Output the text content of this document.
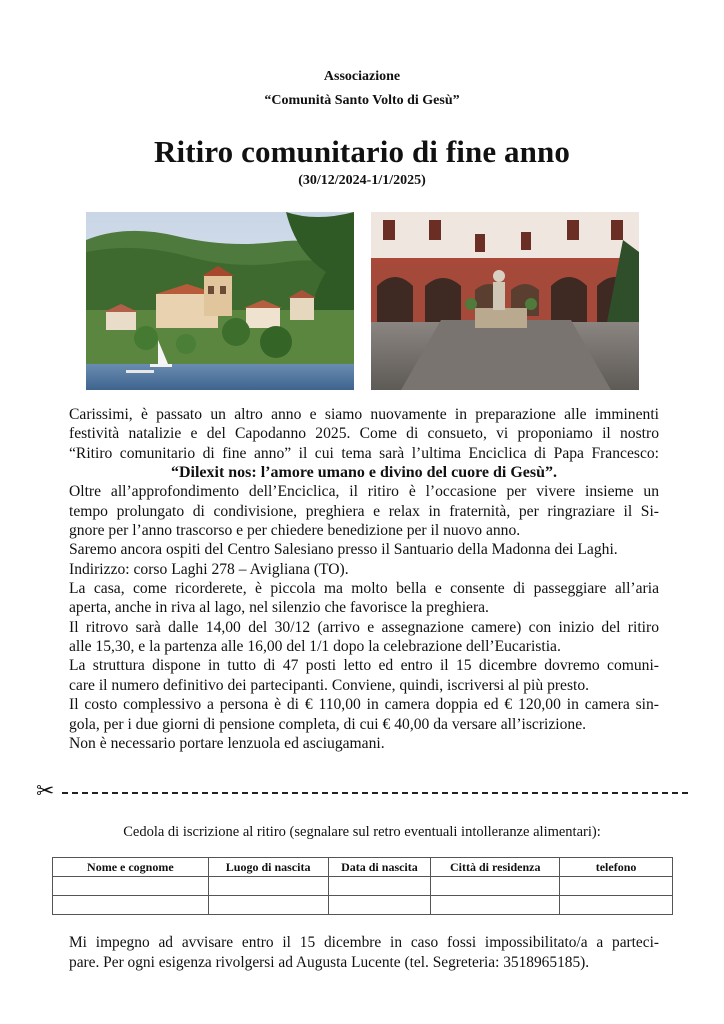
Associazione
“Comunità Santo Volto di Gesù”
Ritiro comunitario di fine anno
(30/12/2024-1/1/2025)

Carissimi, è passato un altro anno e siamo nuovamente in preparazione alle imminenti

festività natalizie e del Capodanno 2025. Come di consueto, vi proponiamo il nostro

“Ritiro comunitario di fine anno” il cui tema sarà l’ultima Enciclica di Papa Francesco:

“Dilexit nos: l’amore umano e divino del cuore di Gesù”.

Oltre all’approfondimento dell’Enciclica, il ritiro è l’occasione per vivere insieme un

tempo prolungato di condivisione, preghiera e relax in fraternità, per ringraziare il Si-

gnore per l’anno trascorso e per chiedere benedizione per il nuovo anno.

Saremo ancora ospiti del Centro Salesiano presso il Santuario della Madonna dei Laghi.

Indirizzo: corso Laghi 278 – Avigliana (TO).

La casa, come ricorderete, è piccola ma molto bella e consente di passeggiare all’aria

aperta, anche in riva al lago, nel silenzio che favorisce la preghiera.

Il ritrovo sarà dalle 14,00 del 30/12 (arrivo e assegnazione camere) con inizio del ritiro

alle 15,30, e la partenza alle 16,00 del 1/1 dopo la celebrazione dell’Eucaristia.

La struttura dispone in tutto di 47 posti letto ed entro il 15 dicembre dovremo comuni-

care il numero definitivo dei partecipanti. Conviene, quindi, iscriversi al più presto.

Il costo complessivo a persona è di € 110,00 in camera doppia ed € 120,00 in camera sin-

gola, per i due giorni di pensione completa, di cui € 40,00 da versare all’iscrizione.

Non è necessario portare lenzuola ed asciugamani.

✂
Cedola di iscrizione al ritiro (segnalare sul retro eventuali intolleranze alimentari):
Nome e cognome	Luogo di nascita	Data di nascita	Città di residenza	telefono

Mi impegno ad avvisare entro il 15 dicembre in caso fossi impossibilitato/a a parteci-

pare. Per ogni esigenza rivolgersi ad Augusta Lucente (tel. Segreteria: 3518965185).
